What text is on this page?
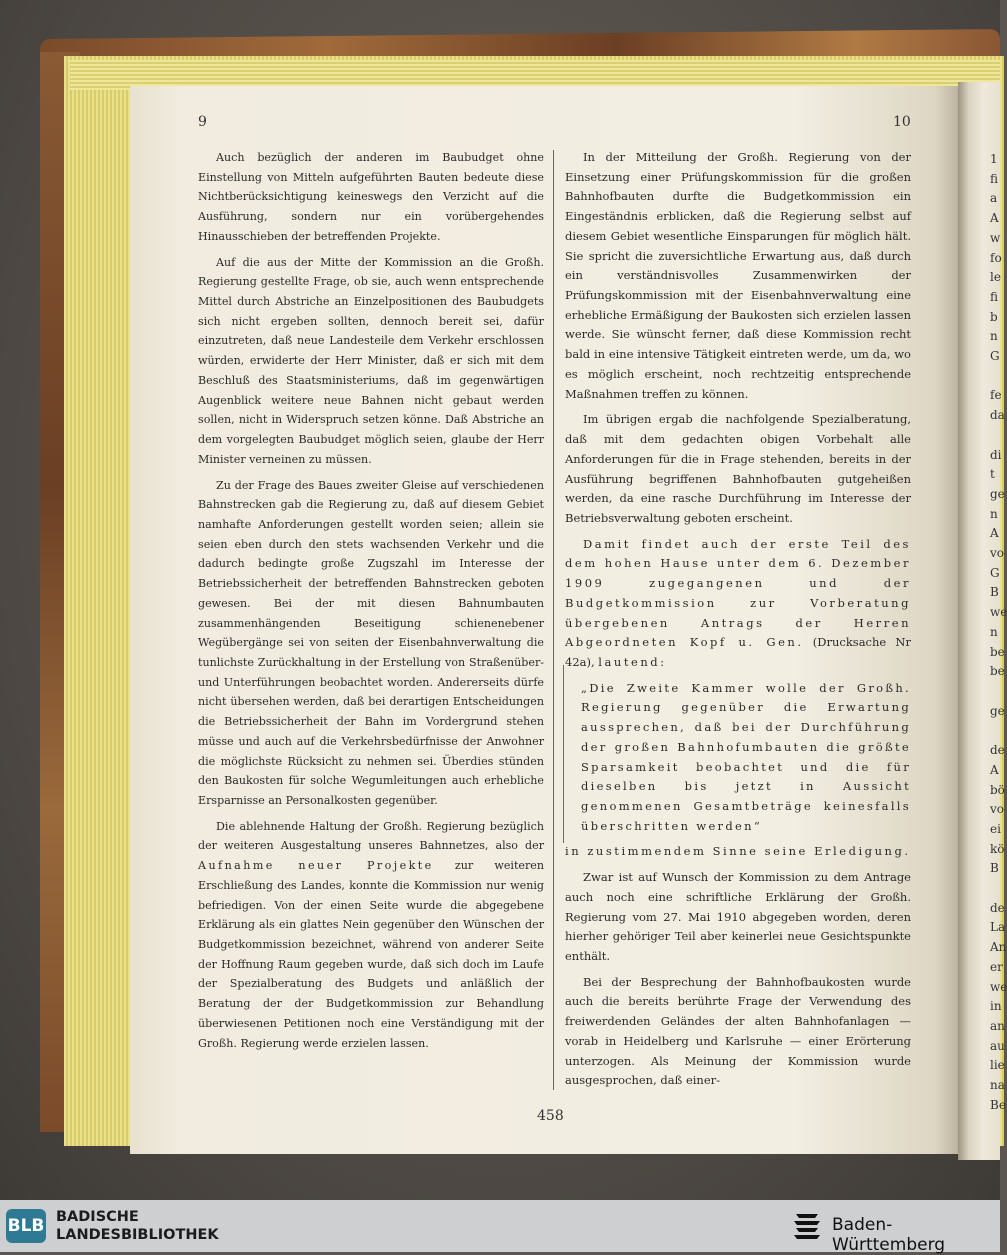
9	10

Auch bezüglich der anderen im Baubudget ohne Einstellung von Mitteln aufgeführten Bauten bedeute diese Nichtberücksichtigung keineswegs den Verzicht auf die Ausführung, sondern nur ein vorübergehendes Hinausschieben der betreffenden Projekte.

Auf die aus der Mitte der Kommission an die Großh. Regierung gestellte Frage, ob sie, auch wenn entsprechende Mittel durch Abstriche an Einzelpositionen des Baubudgets sich nicht ergeben sollten, dennoch bereit sei, dafür einzutreten, daß neue Landesteile dem Verkehr erschlossen würden, erwiderte der Herr Minister, daß er sich mit dem Beschluß des Staatsministeriums, daß im gegenwärtigen Augenblick weitere neue Bahnen nicht gebaut werden sollen, nicht in Widerspruch setzen könne. Daß Abstriche an dem vorgelegten Baubudget möglich seien, glaube der Herr Minister verneinen zu müssen.

Zu der Frage des Baues zweiter Gleise auf verschiedenen Bahnstrecken gab die Regierung zu, daß auf diesem Gebiet namhafte Anforderungen gestellt worden seien; allein sie seien eben durch den stets wachsenden Verkehr und die dadurch bedingte große Zugszahl im Interesse der Betriebssicherheit der betreffenden Bahnstrecken geboten gewesen. Bei der mit diesen Bahnumbauten zusammenhängenden Beseitigung schienenebener Wegübergänge sei von seiten der Eisenbahnverwaltung die tunlichste Zurückhaltung in der Erstellung von Straßenüber- und Unterführungen beobachtet worden. Andererseits dürfe nicht übersehen werden, daß bei derartigen Entscheidungen die Betriebssicherheit der Bahn im Vordergrund stehen müsse und auch auf die Verkehrsbedürfnisse der Anwohner die möglichste Rücksicht zu nehmen sei. Überdies stünden den Baukosten für solche Wegumleitungen auch erhebliche Ersparnisse an Personalkosten gegenüber.

Die ablehnende Haltung der Großh. Regierung bezüglich der weiteren Ausgestaltung unseres Bahnnetzes, also der Aufnahme neuer Projekte zur weiteren Erschließung des Landes, konnte die Kommission nur wenig befriedigen. Von der einen Seite wurde die abgegebene Erklärung als ein glattes Nein gegenüber den Wünschen der Budgetkommission bezeichnet, während von anderer Seite der Hoffnung Raum gegeben wurde, daß sich doch im Laufe der Spezialberatung des Budgets und anläßlich der Beratung der der Budgetkommission zur Behandlung überwiesenen Petitionen noch eine Verständigung mit der Großh. Regierung werde erzielen lassen.

In der Mitteilung der Großh. Regierung von der Einsetzung einer Prüfungskommission für die großen Bahnhofbauten durfte die Budgetkommission ein Eingeständnis erblicken, daß die Regierung selbst auf diesem Gebiet wesentliche Einsparungen für möglich hält. Sie spricht die zuversichtliche Erwartung aus, daß durch ein verständnisvolles Zusammenwirken der Prüfungskommission mit der Eisenbahnverwaltung eine erhebliche Ermäßigung der Baukosten sich erzielen lassen werde. Sie wünscht ferner, daß diese Kommission recht bald in eine intensive Tätigkeit eintreten werde, um da, wo es möglich erscheint, noch rechtzeitig entsprechende Maßnahmen treffen zu können.

Im übrigen ergab die nachfolgende Spezialberatung, daß mit dem gedachten obigen Vorbehalt alle Anforderungen für die in Frage stehenden, bereits in der Ausführung begriffenen Bahnhofbauten gutgeheißen werden, da eine rasche Durchführung im Interesse der Betriebsverwaltung geboten erscheint.

Damit findet auch der erste Teil des dem hohen Hause unter dem 6. Dezember 1909 zugegangenen und der Budgetkommission zur Vorberatung übergebenen Antrags der Herren Abgeordneten Kopf u. Gen. (Drucksache Nr 42a), lautend:

„Die Zweite Kammer wolle der Großh. Regierung gegenüber die Erwartung aussprechen, daß bei der Durchführung der großen Bahnhofumbauten die größte Sparsamkeit beobachtet und die für dieselben bis jetzt in Aussicht genommenen Gesamtbeträge keinesfalls überschritten werden“

in zustimmendem Sinne seine Erledigung.

Zwar ist auf Wunsch der Kommission zu dem Antrage auch noch eine schriftliche Erklärung der Großh. Regierung vom 27. Mai 1910 abgegeben worden, deren hierher gehöriger Teil aber keinerlei neue Gesichtspunkte enthält.

Bei der Besprechung der Bahnhofbaukosten wurde auch die bereits berührte Frage der Verwendung des freiwerdenden Geländes der alten Bahnhofanlagen — vorab in Heidelberg und Karlsruhe — einer Erörterung unterzogen. Als Meinung der Kommission wurde ausgesprochen, daß einer-

1
fi
a
A
w
fo
le
fi
b
n
G

fe
da

di
t
ge
n
A
vo
G
B
we
n
be
be

ge

de
A
bö
vo
ei
kö
B

de
La
An
er
we
in
an
au
lie
na
Be
458
BLB BADISCHE
LANDESBIBLIOTHEK	Baden-Württemberg
